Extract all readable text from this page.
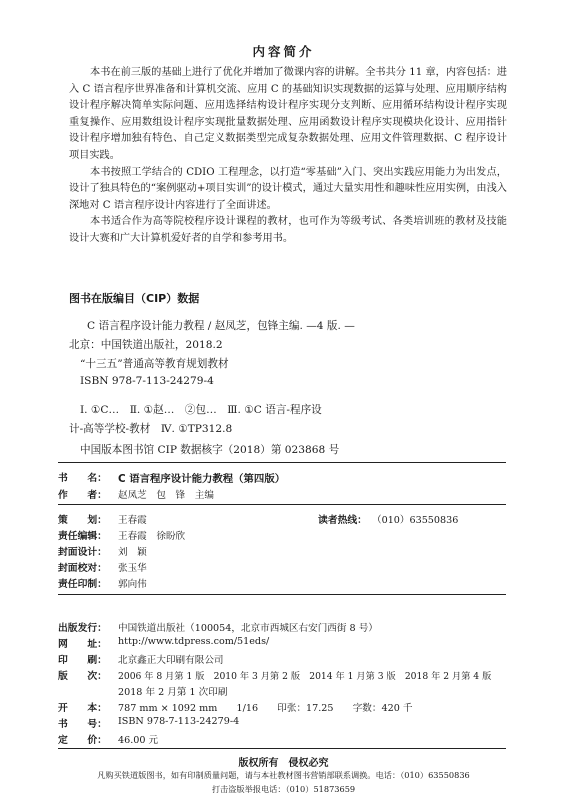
内容简介

本书在前三版的基础上进行了优化并增加了微课内容的讲解。全书共分 11 章，内容包括：进入 C 语言程序世界准备和计算机交流、应用 C 的基础知识实现数据的运算与处理、应用顺序结构设计程序解决简单实际问题、应用选择结构设计程序实现分支判断、应用循环结构设计程序实现重复操作、应用数组设计程序实现批量数据处理、应用函数设计程序实现模块化设计、应用指针设计程序增加独有特色、自己定义数据类型完成复杂数据处理、应用文件管理数据、C 程序设计项目实践。

本书按照工学结合的 CDIO 工程理念，以打造“零基础”入门、突出实践应用能力为出发点，设计了独具特色的“案例驱动+项目实训”的设计模式，通过大量实用性和趣味性应用实例，由浅入深地对 C 语言程序设计内容进行了全面讲述。

本书适合作为高等院校程序设计课程的教材，也可作为等级考试、各类培训班的教材及技能设计大赛和广大计算机爱好者的自学和参考用书。

图书在版编目（CIP）数据
C 语言程序设计能力教程 / 赵凤芝，包锋主编. —4 版. —
北京：中国铁道出版社，2018.2
“十三五”普通高等教育规划教材
ISBN 978-7-113-24279-4
Ⅰ. ①C…　Ⅱ. ①赵…　②包…　Ⅲ. ①C 语言-程序设
计-高等学校-教材　Ⅳ. ①TP312.8
中国版本图书馆 CIP 数据核字（2018）第 023868 号
书　　名： C 语言程序设计能力教程（第四版）
作　　者： 赵凤芝　包　锋　主编
策　　划： 王春霞	读者热线： （010）63550836
责任编辑： 王春霞　徐盼欣
封面设计： 刘　颖
封面校对： 张玉华
责任印制： 郭向伟
出版发行： 中国铁道出版社（100054，北京市西城区右安门西街 8 号）
网　　址： http://www.tdpress.com/51eds/
印　　刷： 北京鑫正大印刷有限公司
版　　次： 2006 年 8 月第 1 版　2010 年 3 月第 2 版　2014 年 1 月第 3 版　2018 年 2 月第 4 版
2018 年 2 月第 1 次印刷
开　　本： 787 mm × 1092 mm　　1/16　　印张：17.25　　字数：420 千
书　　号： ISBN 978-7-113-24279-4
定　　价： 46.00 元
版权所有　侵权必究
凡购买铁道版图书，如有印制质量问题，请与本社教材图书营销部联系调换。电话：（010）63550836
打击盗版举报电话：（010）51873659
